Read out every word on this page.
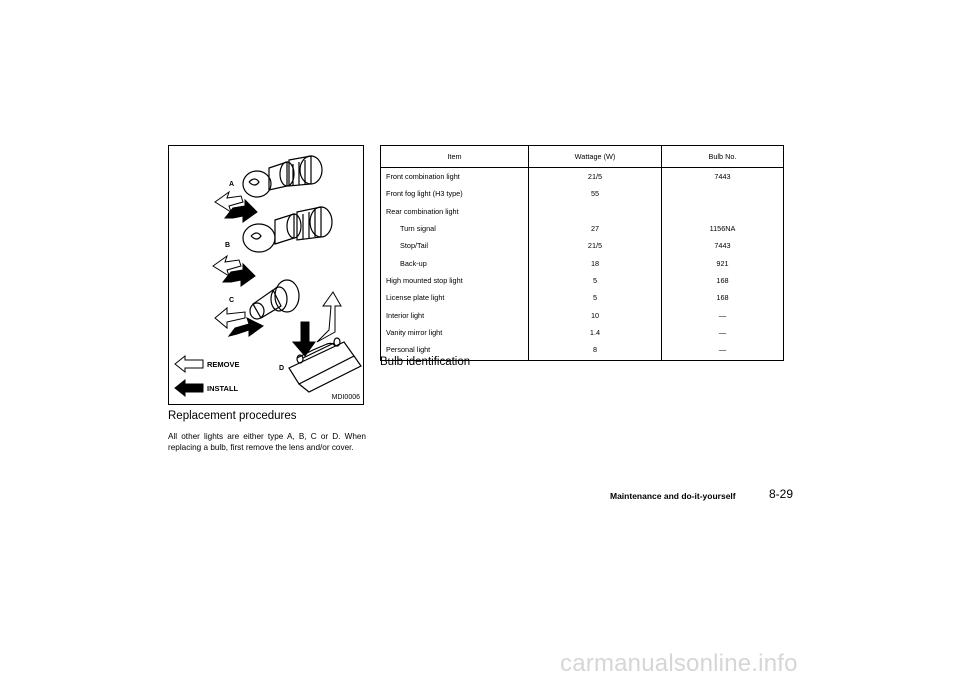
A
B
C
D
REMOVE
INSTALL
MDI0006
Replacement procedures
All other lights are either type A, B, C or D. When replacing a bulb, first remove the lens and/or cover.
Item	Wattage (W)	Bulb No.
Front combination light	21/5	7443
Front fog light (H3 type)	55	
Rear combination light		
Turn signal	27	1156NA
Stop/Tail	21/5	7443
Back-up	18	921
High mounted stop light	5	168
License plate light	5	168
Interior light	10	—
Vanity mirror light	1.4	—
Personal light	8	—
Bulb identification
Maintenance and do-it-yourself	8-29
carmanualsonline.info
